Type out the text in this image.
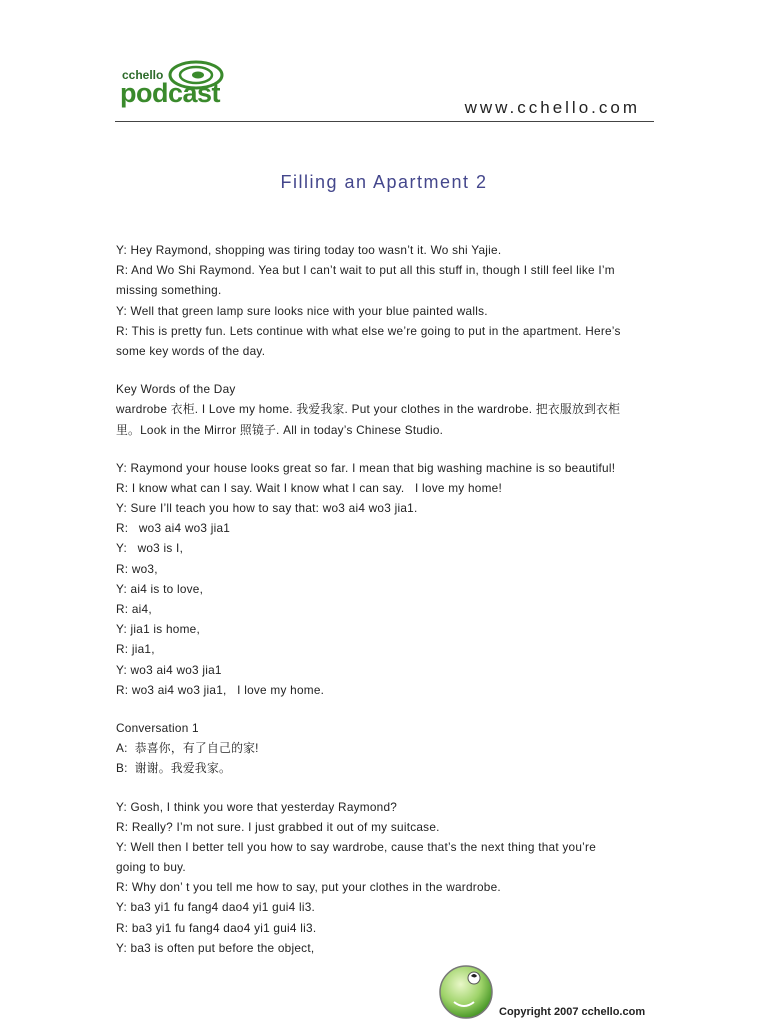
cchello
podcast	www.cchello.com
Filling an Apartment 2
Y: Hey Raymond, shopping was tiring today too wasn’t it. Wo shi Yajie.
R: And Wo Shi Raymond. Yea but I can’t wait to put all this stuff in, though I still feel like I’m
missing something.
Y: Well that green lamp sure looks nice with your blue painted walls.
R: This is pretty fun. Lets continue with what else we’re going to put in the apartment. Here’s
some key words of the day.
Key Words of the Day
wardrobe 衣柜. I Love my home. 我爱我家. Put your clothes in the wardrobe. 把衣服放到衣柜
里。Look in the Mirror 照镜子. All in today’s Chinese Studio.
Y: Raymond your house looks great so far. I mean that big washing machine is so beautiful!
R: I know what can I say. Wait I know what I can say.   I love my home!
Y: Sure I’ll teach you how to say that: wo3 ai4 wo3 jia1.
R:   wo3 ai4 wo3 jia1
Y:   wo3 is I,
R: wo3,
Y: ai4 is to love,
R: ai4,
Y: jia1 is home,
R: jia1,
Y: wo3 ai4 wo3 jia1
R: wo3 ai4 wo3 jia1,   I love my home.
Conversation 1
A:  恭喜你，有了自己的家!
B:  谢谢。我爱我家。
Y: Gosh, I think you wore that yesterday Raymond?
R: Really? I’m not sure. I just grabbed it out of my suitcase.
Y: Well then I better tell you how to say wardrobe, cause that’s the next thing that you’re
going to buy.
R: Why don’ t you tell me how to say, put your clothes in the wardrobe.
Y: ba3 yi1 fu fang4 dao4 yi1 gui4 li3.
R: ba3 yi1 fu fang4 dao4 yi1 gui4 li3.
Y: ba3 is often put before the object,
Copyright 2007 cchello.com
